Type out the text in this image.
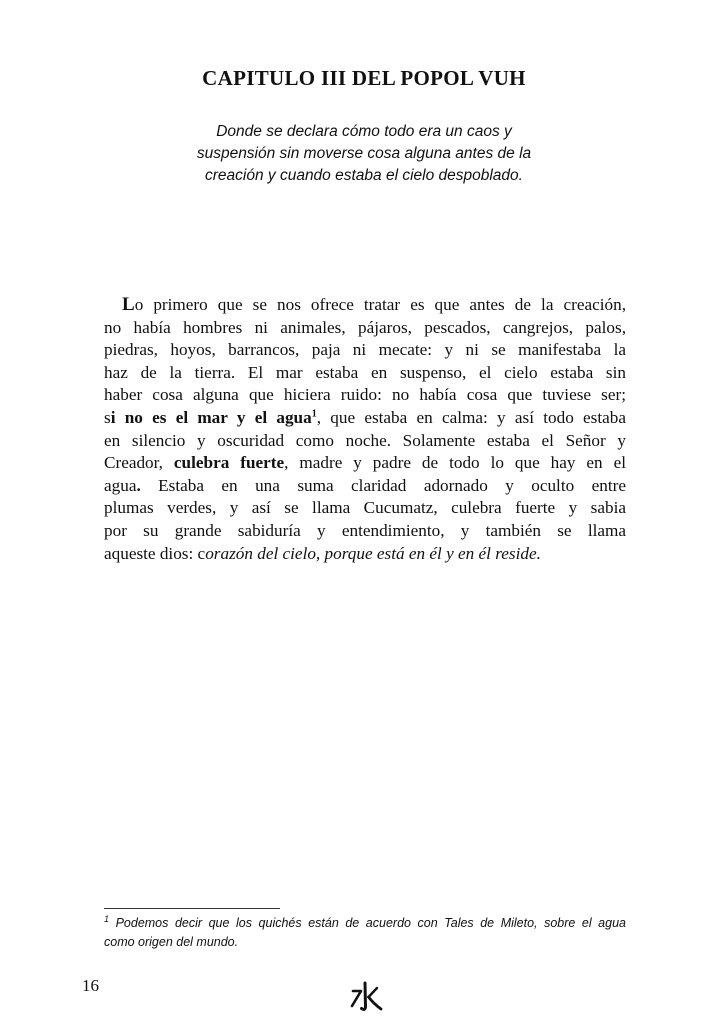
CAPITULO III DEL POPOL VUH

Donde se declara cómo todo era un caos y
suspensión sin moverse cosa alguna antes de la
creación y cuando estaba el cielo despoblado.

Lo primero que se nos ofrece tratar es que antes de la creación,
no había hombres ni animales, pájaros, pescados, cangrejos, palos,
piedras, hoyos, barrancos, paja ni mecate: y ni se manifestaba la
haz de la tierra. El mar estaba en suspenso, el cielo estaba sin
haber cosa alguna que hiciera ruido: no había cosa que tuviese ser;
si no es el mar y el agua$^1$, que estaba en calma: y así todo estaba
en silencio y oscuridad como noche. Solamente estaba el Señor y
Creador, culebra fuerte, madre y padre de todo lo que hay en el
agua. Estaba en una suma claridad adornado y oculto entre
plumas verdes, y así se llama Cucumatz, culebra fuerte y sabia
por su grande sabiduría y entendimiento, y también se llama
aqueste dios: corazón del cielo, porque está en él y en él reside.
$^1$ Podemos decir que los quichés están de acuerdo con Tales de Mileto, sobre el agua
como origen del mundo.
16
